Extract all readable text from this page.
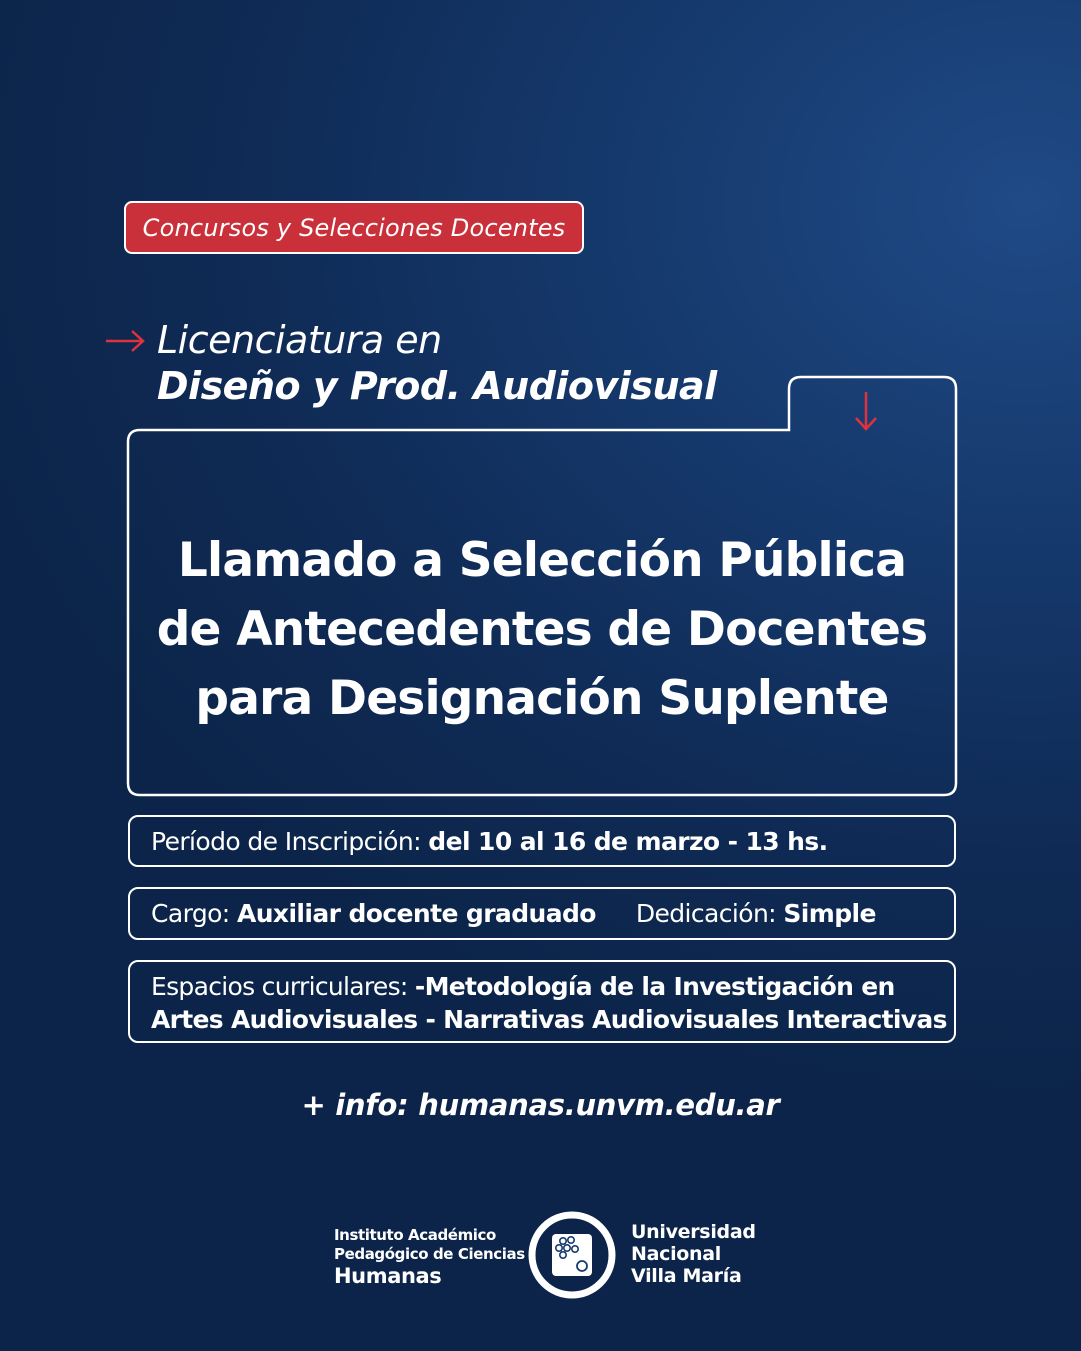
Concursos y Selecciones Docentes
Licenciatura en
Diseño y Prod. Audiovisual
Llamado a Selección Pública
de Antecedentes de Docentes
para Designación Suplente
Período de Inscripción:
del 10 al 16 de marzo - 13 hs.
Cargo:
Auxiliar docente graduado Dedicación:
Simple
Espacios curriculares: -Metodología de la Investigación en
Artes Audiovisuales - Narrativas Audiovisuales Interactivas
+ info: humanas.unvm.edu.ar
Instituto Académico
Pedagógico de Ciencias
Humanas
Universidad
Nacional
Villa María
